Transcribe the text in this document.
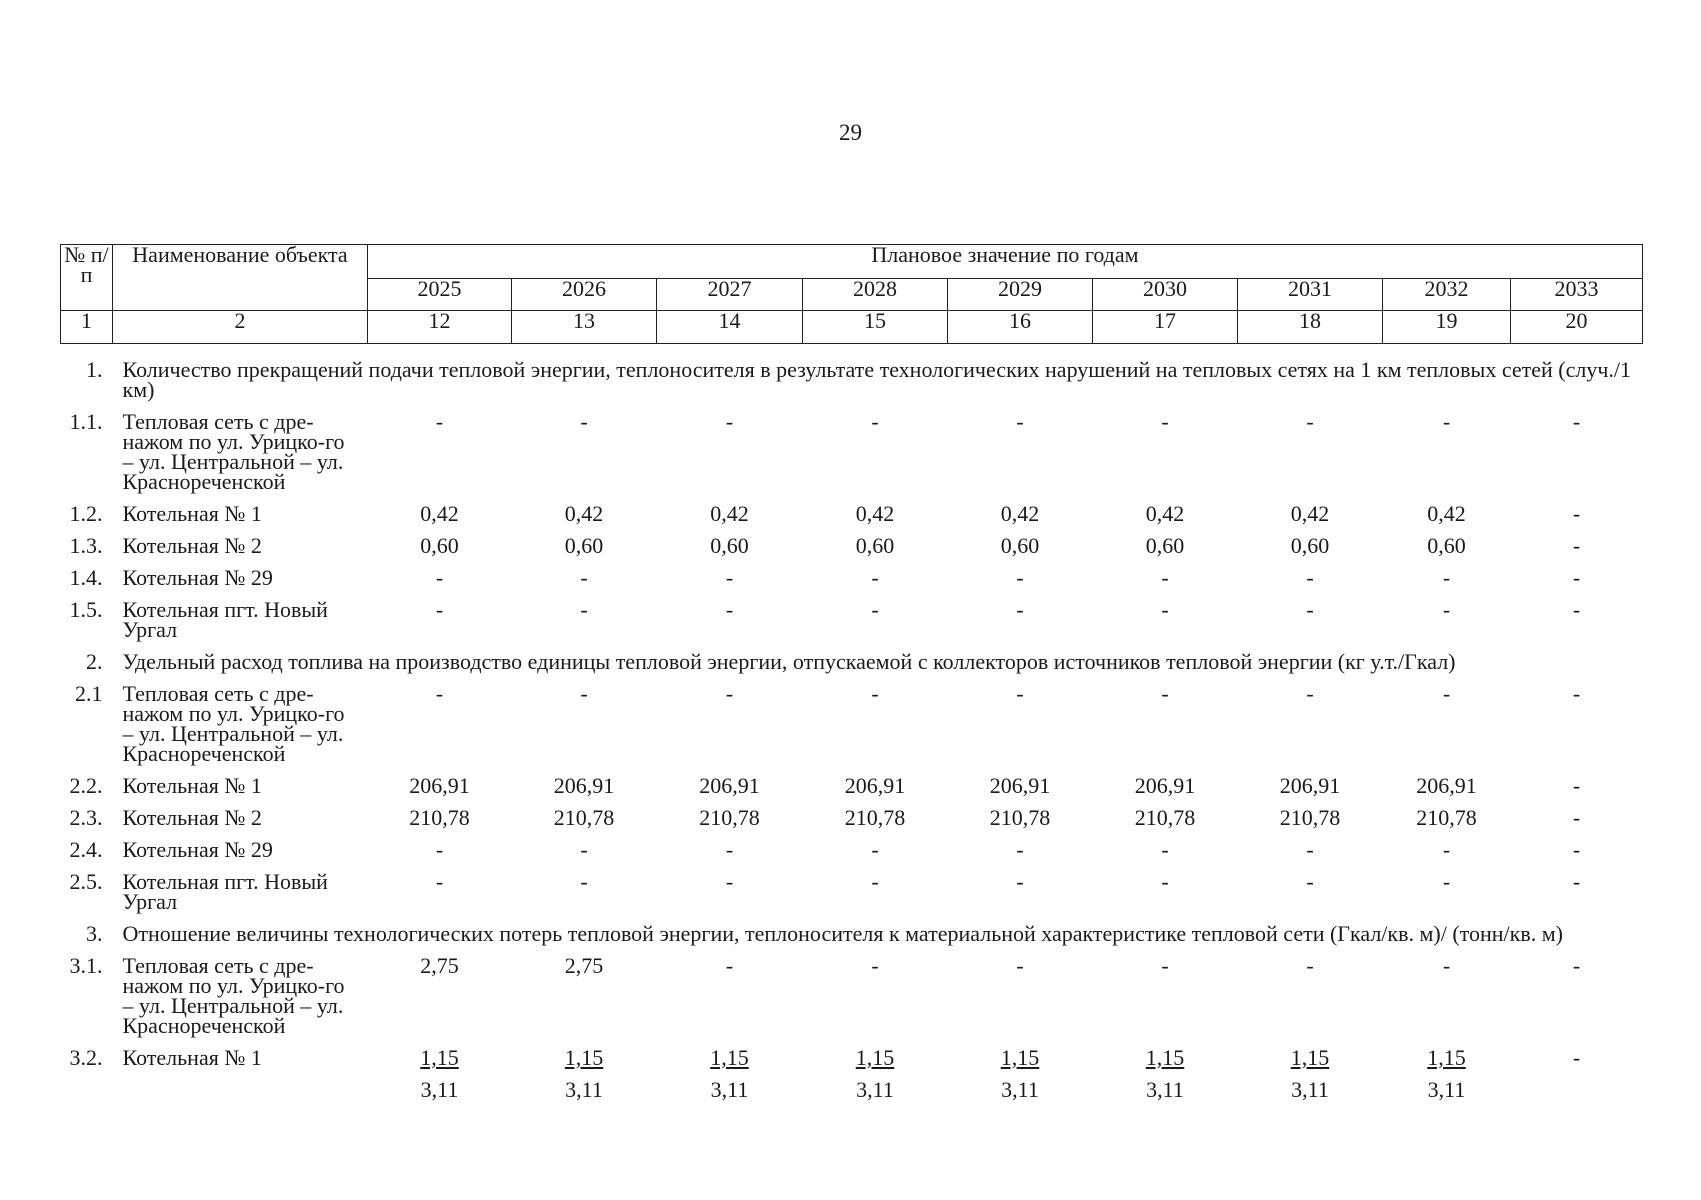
29
№ п/п	Наименование объекта	Плановое значение по годам								
		2025	2026	2027	2028	2029	2030	2031	2032	2033
1	2	12	13	14	15	16	17	18	19	20

1.	Количество прекращений подачи тепловой энергии, теплоносителя в результате технологических нарушений на тепловых сетях на 1 км тепловых сетей (случ./1 км)									
1.1.	Тепловая сеть с дре-нажом по ул. Урицко-го – ул. Центральной – ул. Краснореченской	-	-	-	-	-	-	-	-	-
1.2.	Котельная № 1	0,42	0,42	0,42	0,42	0,42	0,42	0,42	0,42	-
1.3.	Котельная № 2	0,60	0,60	0,60	0,60	0,60	0,60	0,60	0,60	-
1.4.	Котельная № 29	-	-	-	-	-	-	-	-	-
1.5.	Котельная пгт. Новый Ургал	-	-	-	-	-	-	-	-	-
2.	Удельный расход топлива на производство единицы тепловой энергии, отпускаемой с коллекторов источников тепловой энергии (кг у.т./Гкал)									
2.1	Тепловая сеть с дре-нажом по ул. Урицко-го – ул. Центральной – ул. Краснореченской	-	-	-	-	-	-	-	-	-
2.2.	Котельная № 1	206,91	206,91	206,91	206,91	206,91	206,91	206,91	206,91	-
2.3.	Котельная № 2	210,78	210,78	210,78	210,78	210,78	210,78	210,78	210,78	-
2.4.	Котельная № 29	-	-	-	-	-	-	-	-	-
2.5.	Котельная пгт. Новый Ургал	-	-	-	-	-	-	-	-	-
3.	Отношение величины технологических потерь тепловой энергии, теплоносителя к материальной характеристике тепловой сети (Гкал/кв. м)/ (тонн/кв. м)									
3.1.	Тепловая сеть с дре-нажом по ул. Урицко-го – ул. Центральной – ул. Краснореченской	2,75	2,75	-	-	-	-	-	-	-
3.2.	Котельная № 1	1,15	1,15	1,15	1,15	1,15	1,15	1,15	1,15	-
		3,11	3,11	3,11	3,11	3,11	3,11	3,11	3,11	
